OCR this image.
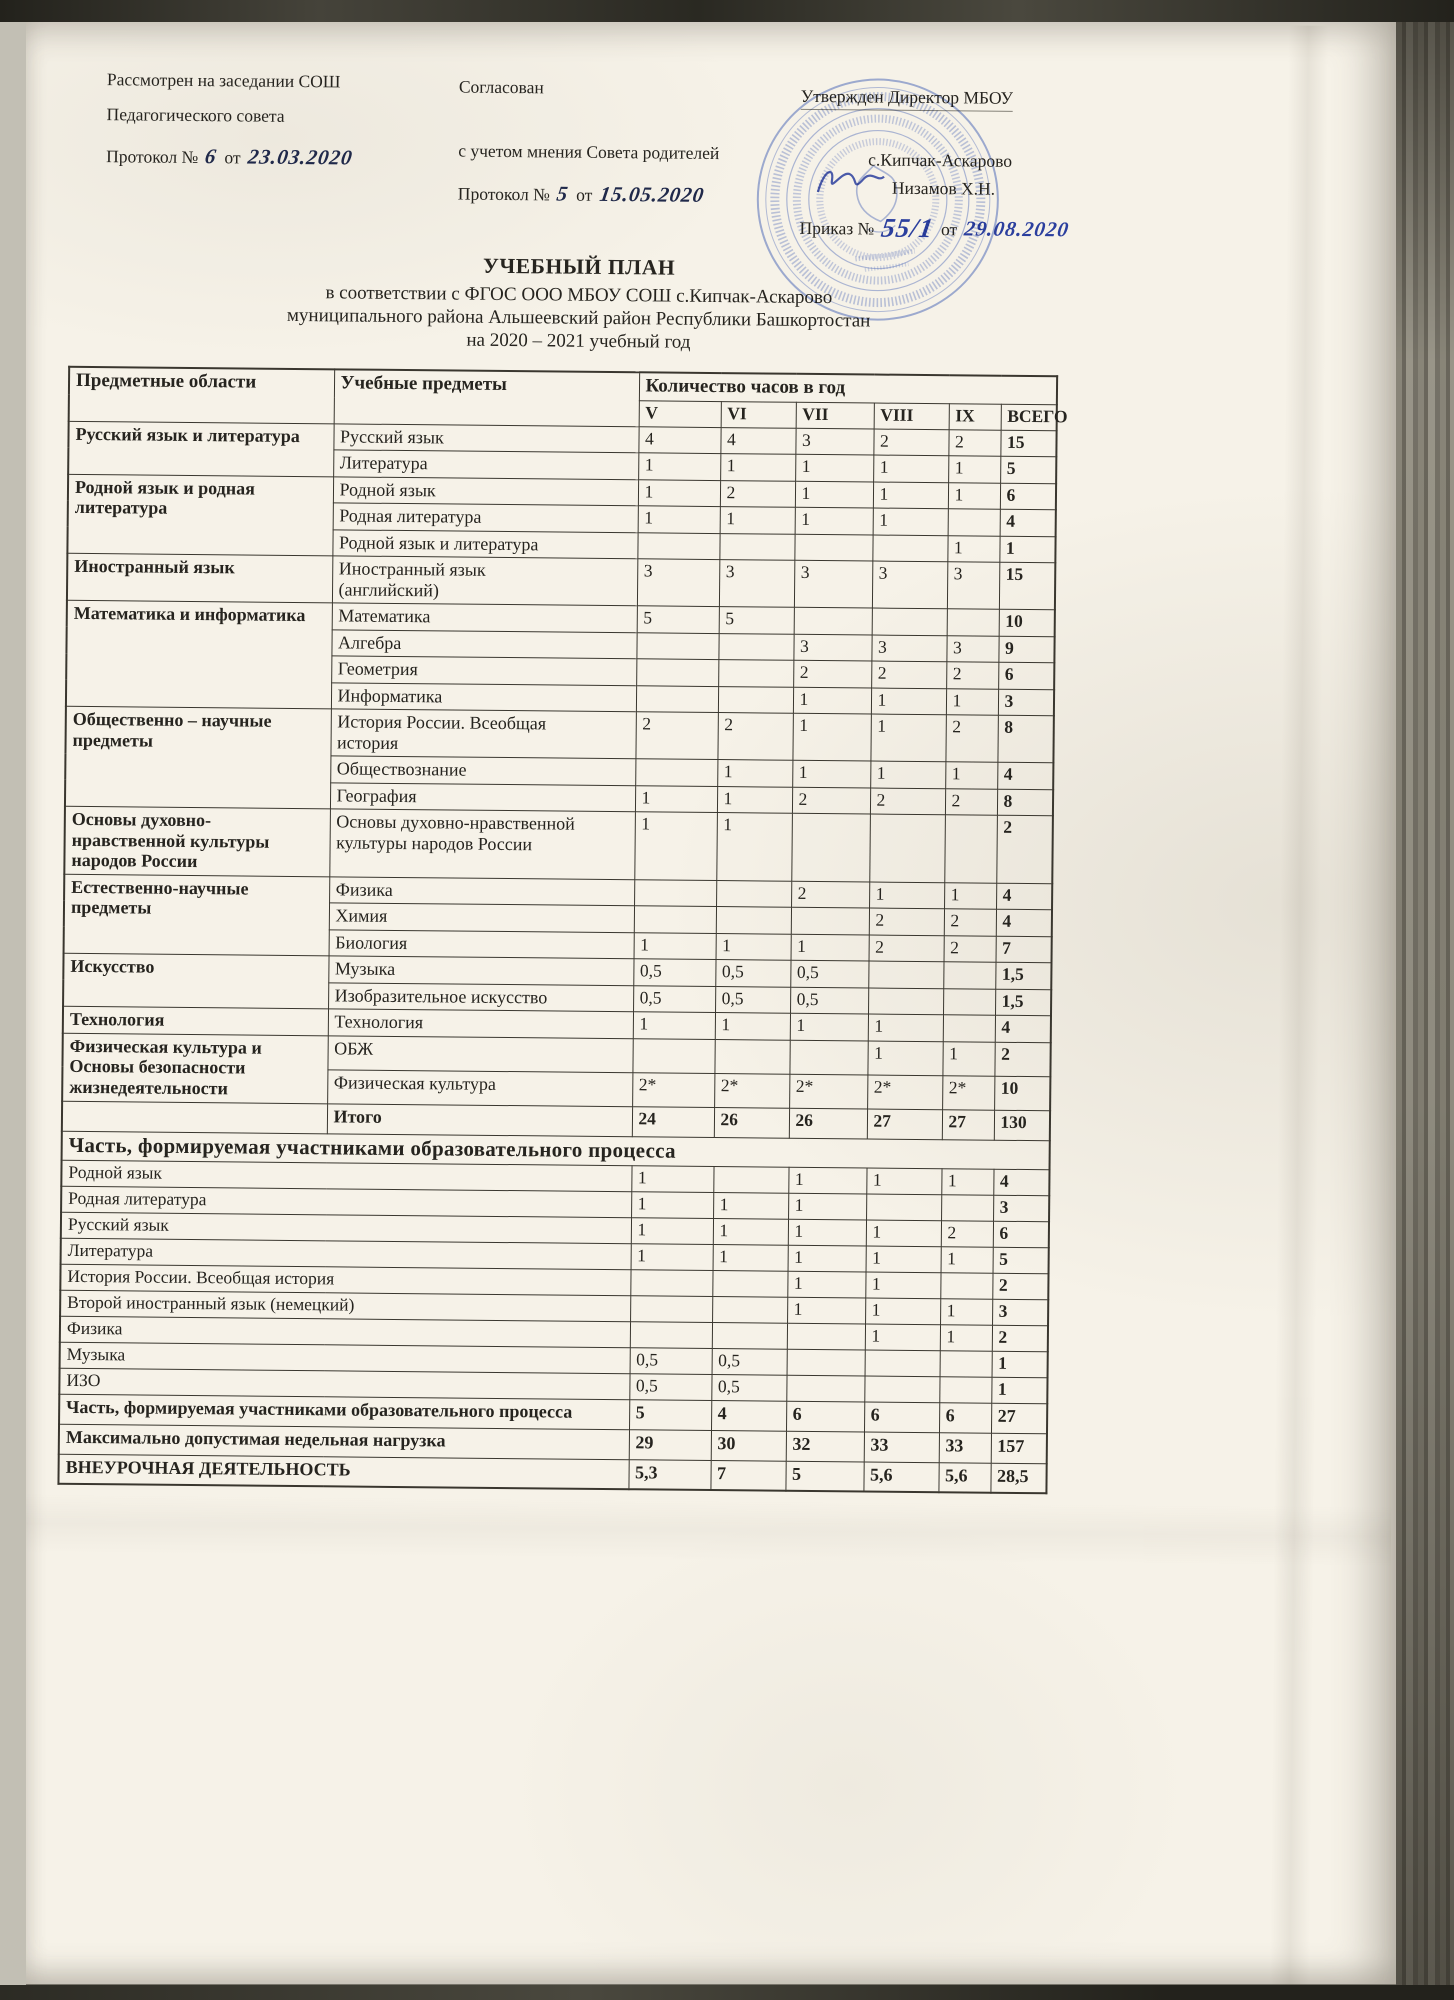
Рассмотрен на заседании СОШ
Педагогического совета
Протокол № 6 от 23.03.2020
Согласован
с учетом мнения Совета родителей
Протокол № 5 от 15.05.2020
Утвержден Директор МБОУ
с.Кипчак-Аскарово
Низамов Х.Н.
Приказ № 55/1 от 29.08.2020
УЧЕБНЫЙ ПЛАН
в соответствии с ФГОС ООО МБОУ СОШ с.Кипчак-Аскарово
муниципального района Альшеевский район Республики Башкортостан
на 2020 – 2021 учебный год
Предметные области	Учебные предметы	Количество часов в год					
		V	VI	VII	VIII	IX	ВСЕГО
Русский язык и литература	Русский язык	4	4	3	2	2	15
	Литература	1	1	1	1	1	5
Родной язык и родная литература	Родной язык	1	2	1	1	1	6
	Родная литература	1	1	1	1		4
	Родной язык и литература					1	1
Иностранный язык	Иностранный язык
(английский)	3	3	3	3	3	15
Математика и информатика	Математика	5	5				10
	Алгебра			3	3	3	9
	Геометрия			2	2	2	6
	Информатика			1	1	1	3
Общественно – научные предметы	История России. Всеобщая
история	2	2	1	1	2	8
	Обществознание		1	1	1	1	4
	География	1	1	2	2	2	8
Основы духовно-нравственной культуры народов России	Основы духовно-нравственной
культуры народов России	1	1				2
Естественно-научные предметы	Физика			2	1	1	4
	Химия				2	2	4
	Биология	1	1	1	2	2	7
Искусство	Музыка	0,5	0,5	0,5			1,5
	Изобразительное искусство	0,5	0,5	0,5			1,5
Технология	Технология	1	1	1	1		4
Физическая культура и Основы безопасности жизнедеятельности	ОБЖ				1	1	2
	Физическая культура	2*	2*	2*	2*	2*	10
	Итого	24	26	26	27	27	130
Часть, формируемая участниками образовательного процесса							
Родной язык		1		1	1	1	4
Родная литература		1	1	1			3
Русский язык		1	1	1	1	2	6
Литература		1	1	1	1	1	5
История России. Всеобщая история				1	1		2
Второй иностранный язык (немецкий)				1	1	1	3
Физика					1	1	2
Музыка		0,5	0,5				1
ИЗО		0,5	0,5				1
Часть, формируемая участниками образовательного процесса		5	4	6	6	6	27
Максимально допустимая недельная нагрузка		29	30	32	33	33	157
ВНЕУРОЧНАЯ ДЕЯТЕЛЬНОСТЬ		5,3	7	5	5,6	5,6	28,5
